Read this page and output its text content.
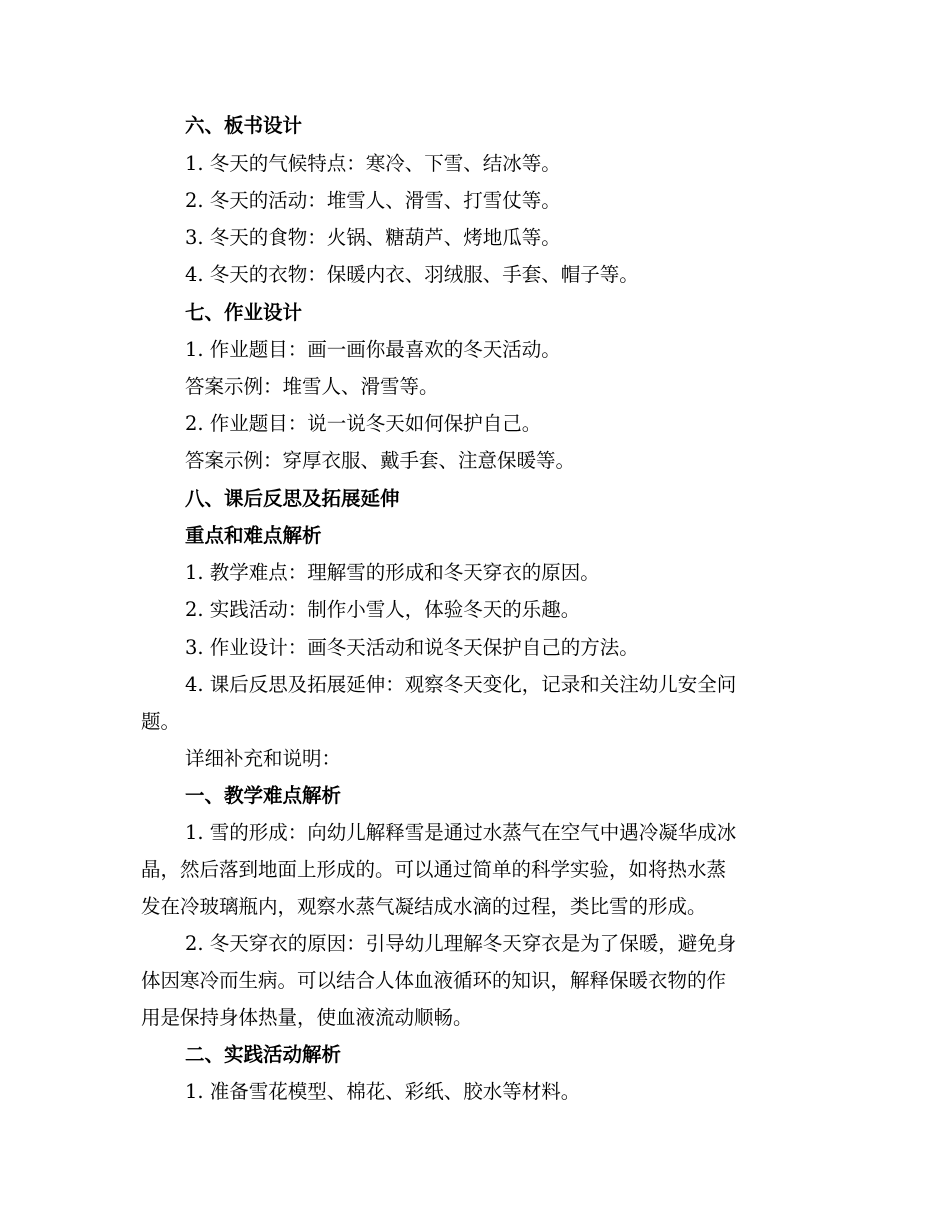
六、板书设计
1. 冬天的气候特点：寒冷、下雪、结冰等。
2. 冬天的活动：堆雪人、滑雪、打雪仗等。
3. 冬天的食物：火锅、糖葫芦、烤地瓜等。
4. 冬天的衣物：保暖内衣、羽绒服、手套、帽子等。
七、作业设计
1. 作业题目：画一画你最喜欢的冬天活动。
答案示例：堆雪人、滑雪等。
2. 作业题目：说一说冬天如何保护自己。
答案示例：穿厚衣服、戴手套、注意保暖等。
八、课后反思及拓展延伸
重点和难点解析
1. 教学难点：理解雪的形成和冬天穿衣的原因。
2. 实践活动：制作小雪人，体验冬天的乐趣。
3. 作业设计：画冬天活动和说冬天保护自己的方法。
4. 课后反思及拓展延伸：观察冬天变化，记录和关注幼儿安全问
题。
详细补充和说明：
一、教学难点解析
1. 雪的形成：向幼儿解释雪是通过水蒸气在空气中遇冷凝华成冰
晶，然后落到地面上形成的。可以通过简单的科学实验，如将热水蒸
发在冷玻璃瓶内，观察水蒸气凝结成水滴的过程，类比雪的形成。
2. 冬天穿衣的原因：引导幼儿理解冬天穿衣是为了保暖，避免身
体因寒冷而生病。可以结合人体血液循环的知识，解释保暖衣物的作
用是保持身体热量，使血液流动顺畅。
二、实践活动解析
1. 准备雪花模型、棉花、彩纸、胶水等材料。
